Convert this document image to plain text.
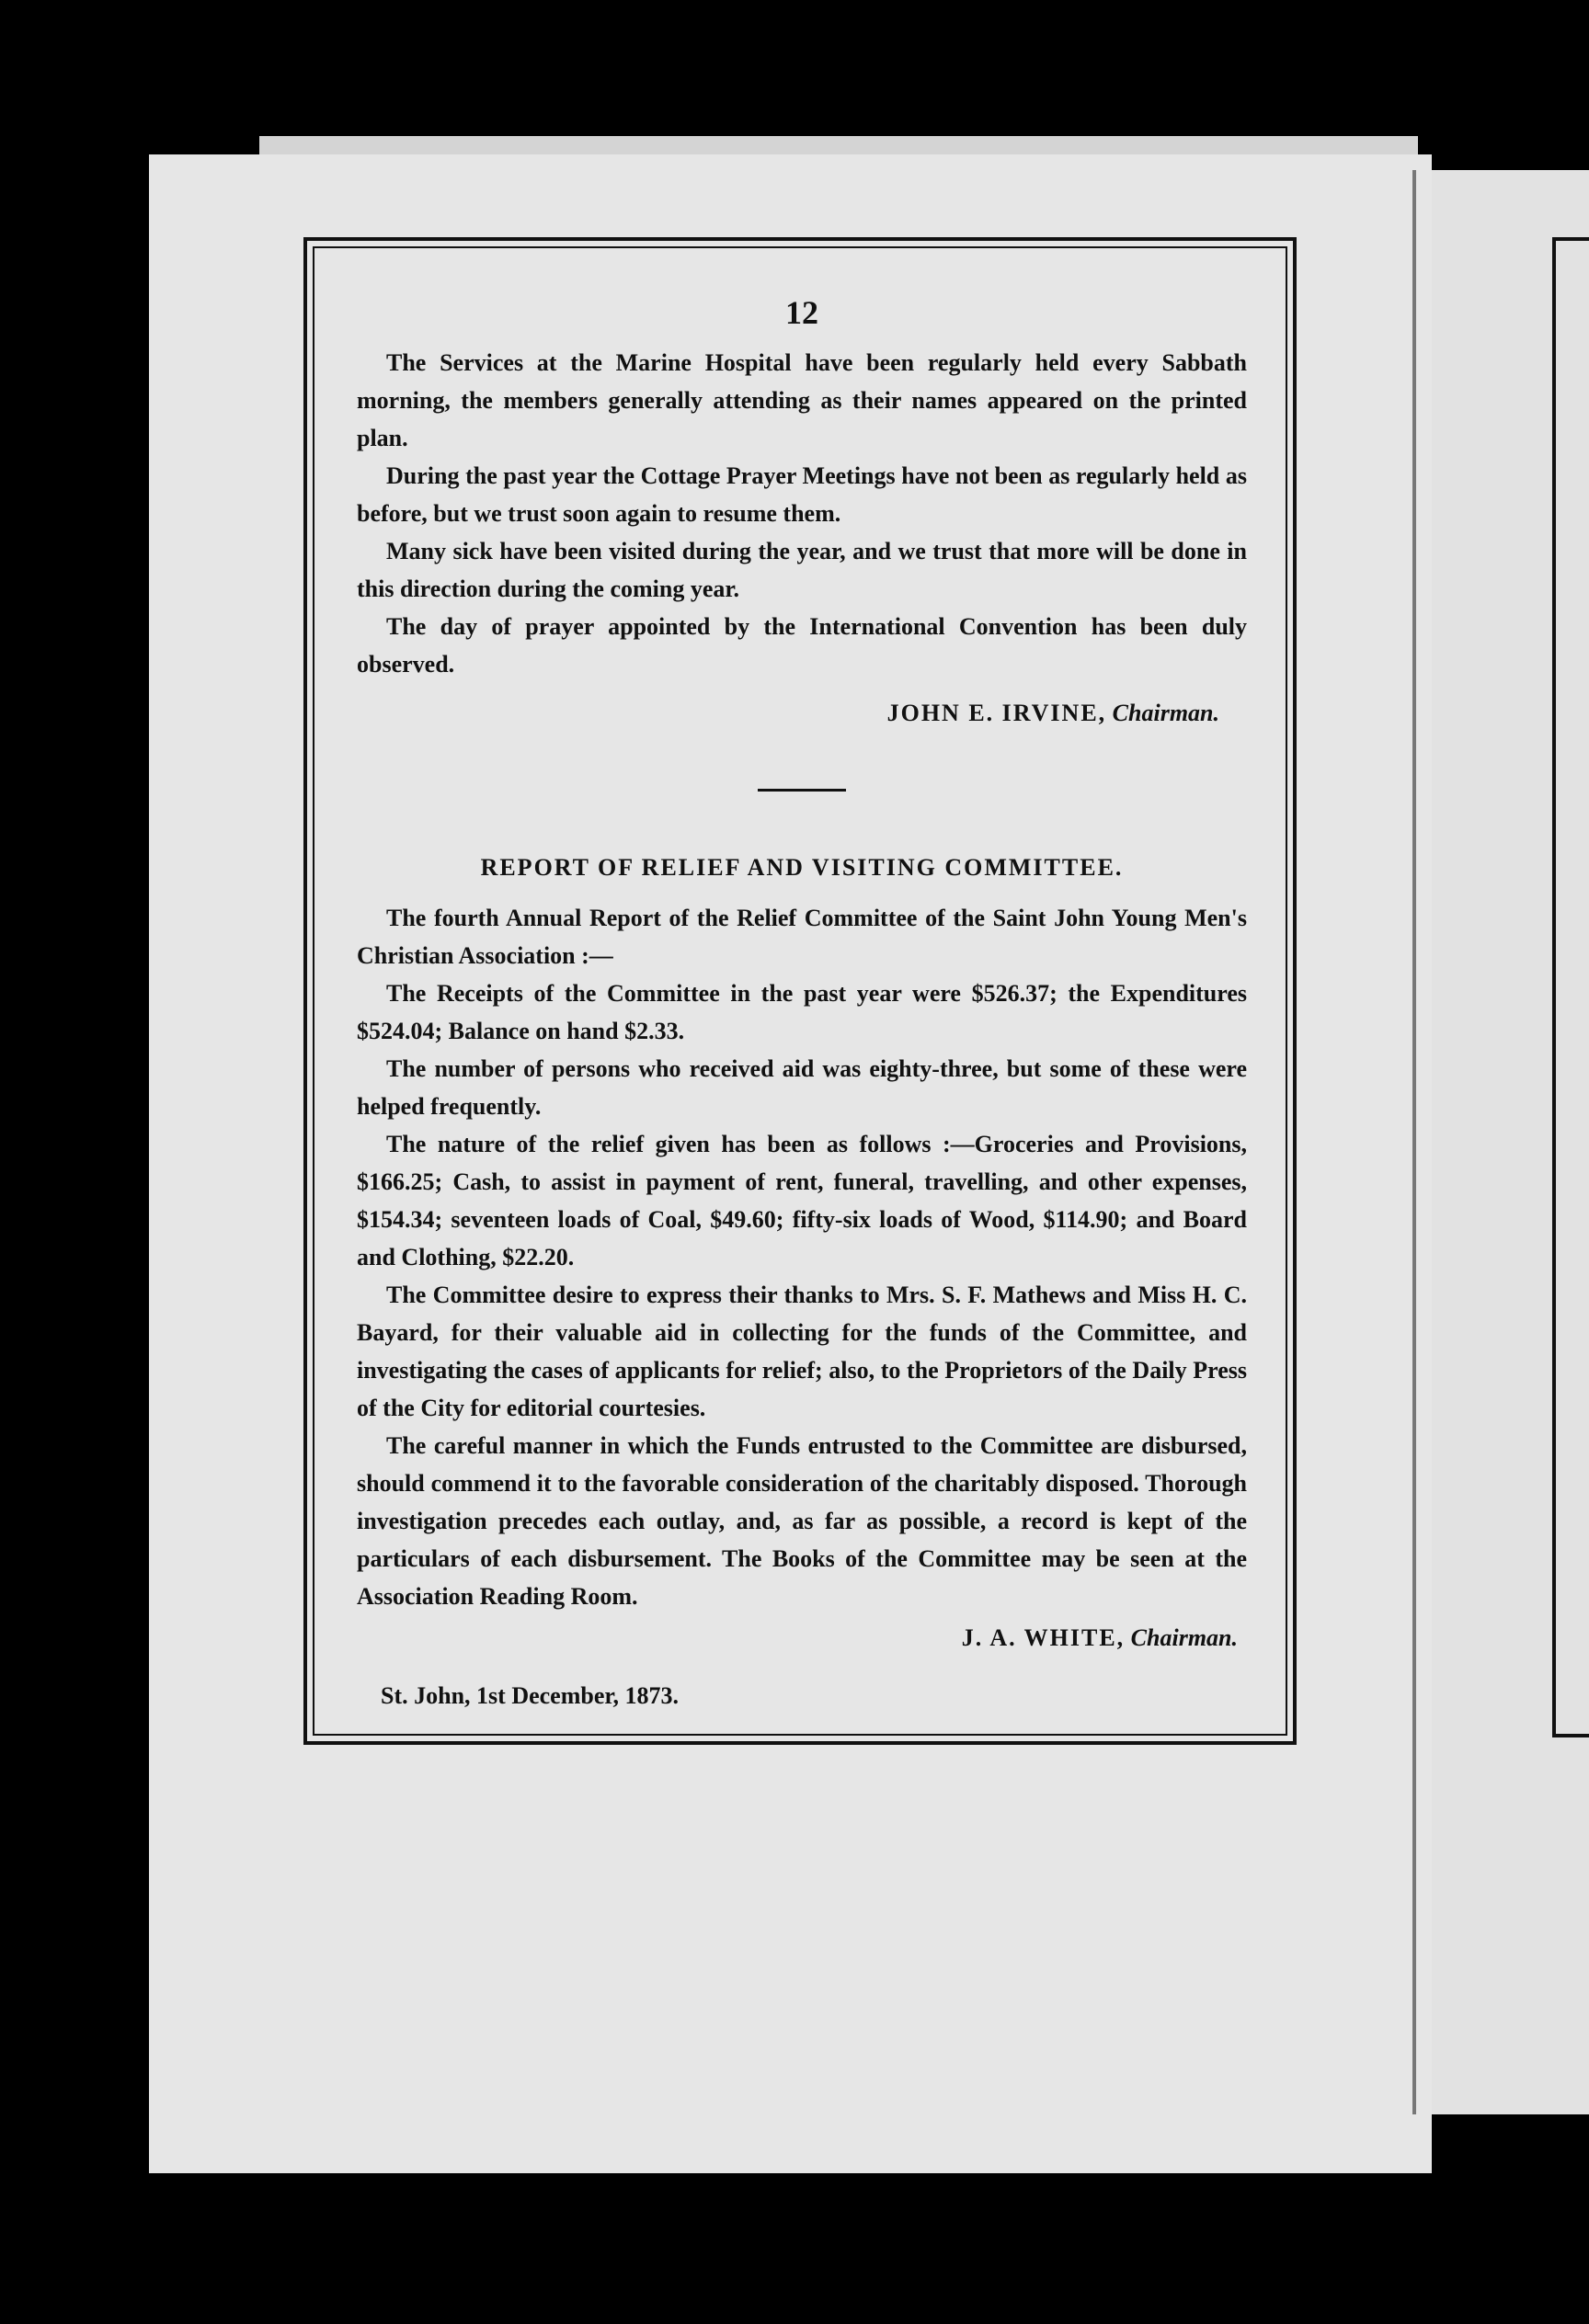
12

The Services at the Marine Hospital have been regularly held every Sabbath morning, the members generally attending as their names appeared on the printed plan.

During the past year the Cottage Prayer Meetings have not been as regularly held as before, but we trust soon again to resume them.

Many sick have been visited during the year, and we trust that more will be done in this direction during the coming year.

The day of prayer appointed by the International Convention has been duly observed.

JOHN E. IRVINE, Chairman.
REPORT OF RELIEF AND VISITING COMMITTEE.

The fourth Annual Report of the Relief Committee of the Saint John Young Men's Christian Association :—

The Receipts of the Committee in the past year were $526.37; the Expenditures $524.04; Balance on hand $2.33.

The number of persons who received aid was eighty-three, but some of these were helped frequently.

The nature of the relief given has been as follows :—Groceries and Provisions, $166.25; Cash, to assist in payment of rent, funeral, travelling, and other expenses, $154.34; seventeen loads of Coal, $49.60; fifty-six loads of Wood, $114.90; and Board and Clothing, $22.20.

The Committee desire to express their thanks to Mrs. S. F. Mathews and Miss H. C. Bayard, for their valuable aid in collecting for the funds of the Committee, and investigating the cases of applicants for relief; also, to the Proprietors of the Daily Press of the City for editorial courtesies.

The careful manner in which the Funds entrusted to the Committee are disbursed, should commend it to the favorable consideration of the charitably disposed. Thorough investigation precedes each outlay, and, as far as possible, a record is kept of the particulars of each disbursement. The Books of the Committee may be seen at the Association Reading Room.

J. A. WHITE, Chairman.

St. John, 1st December, 1873.
